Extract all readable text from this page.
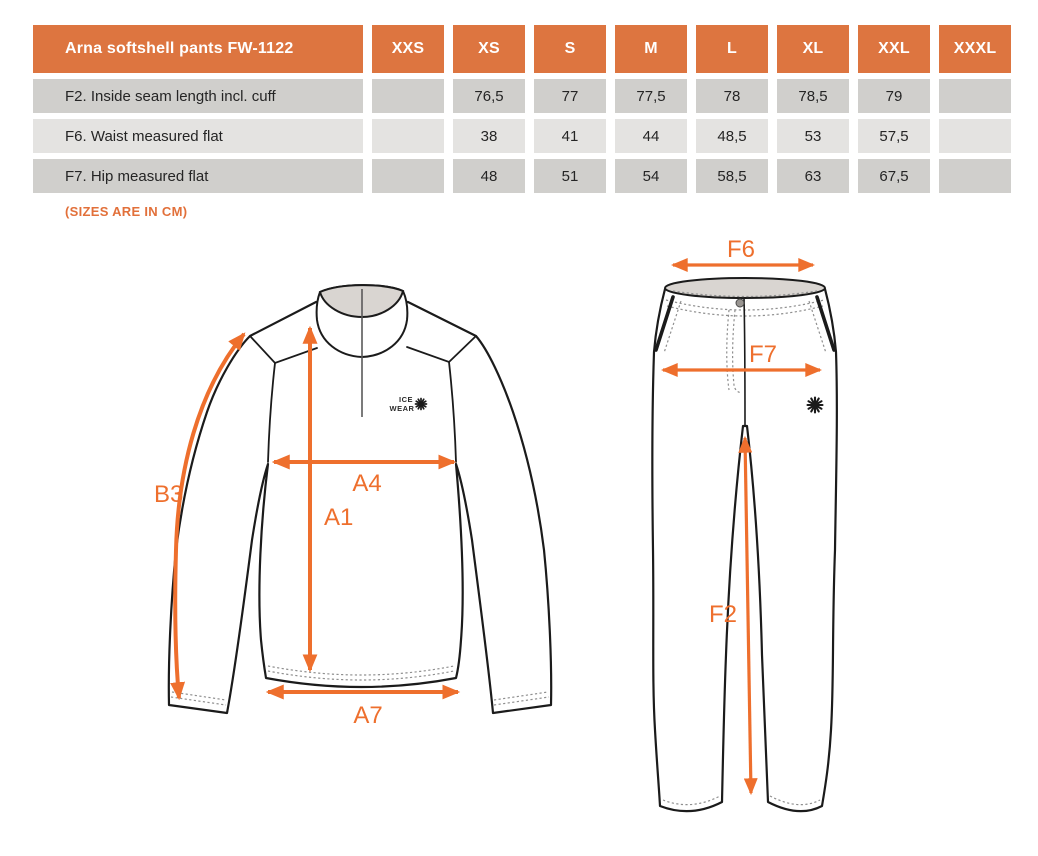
Arna softshell pants FW-1122	XXS	XS	S	M	L	XL	XXL	XXXL
F2. Inside seam length incl. cuff		76,5	77	77,5	78	78,5	79	
F6. Waist measured flat		38	41	44	48,5	53	57,5	
F7. Hip measured flat		48	51	54	58,5	63	67,5	
(SIZES ARE IN CM)
ICE
WEAR
B3	A4
A1
A7
F6
F7
F2
